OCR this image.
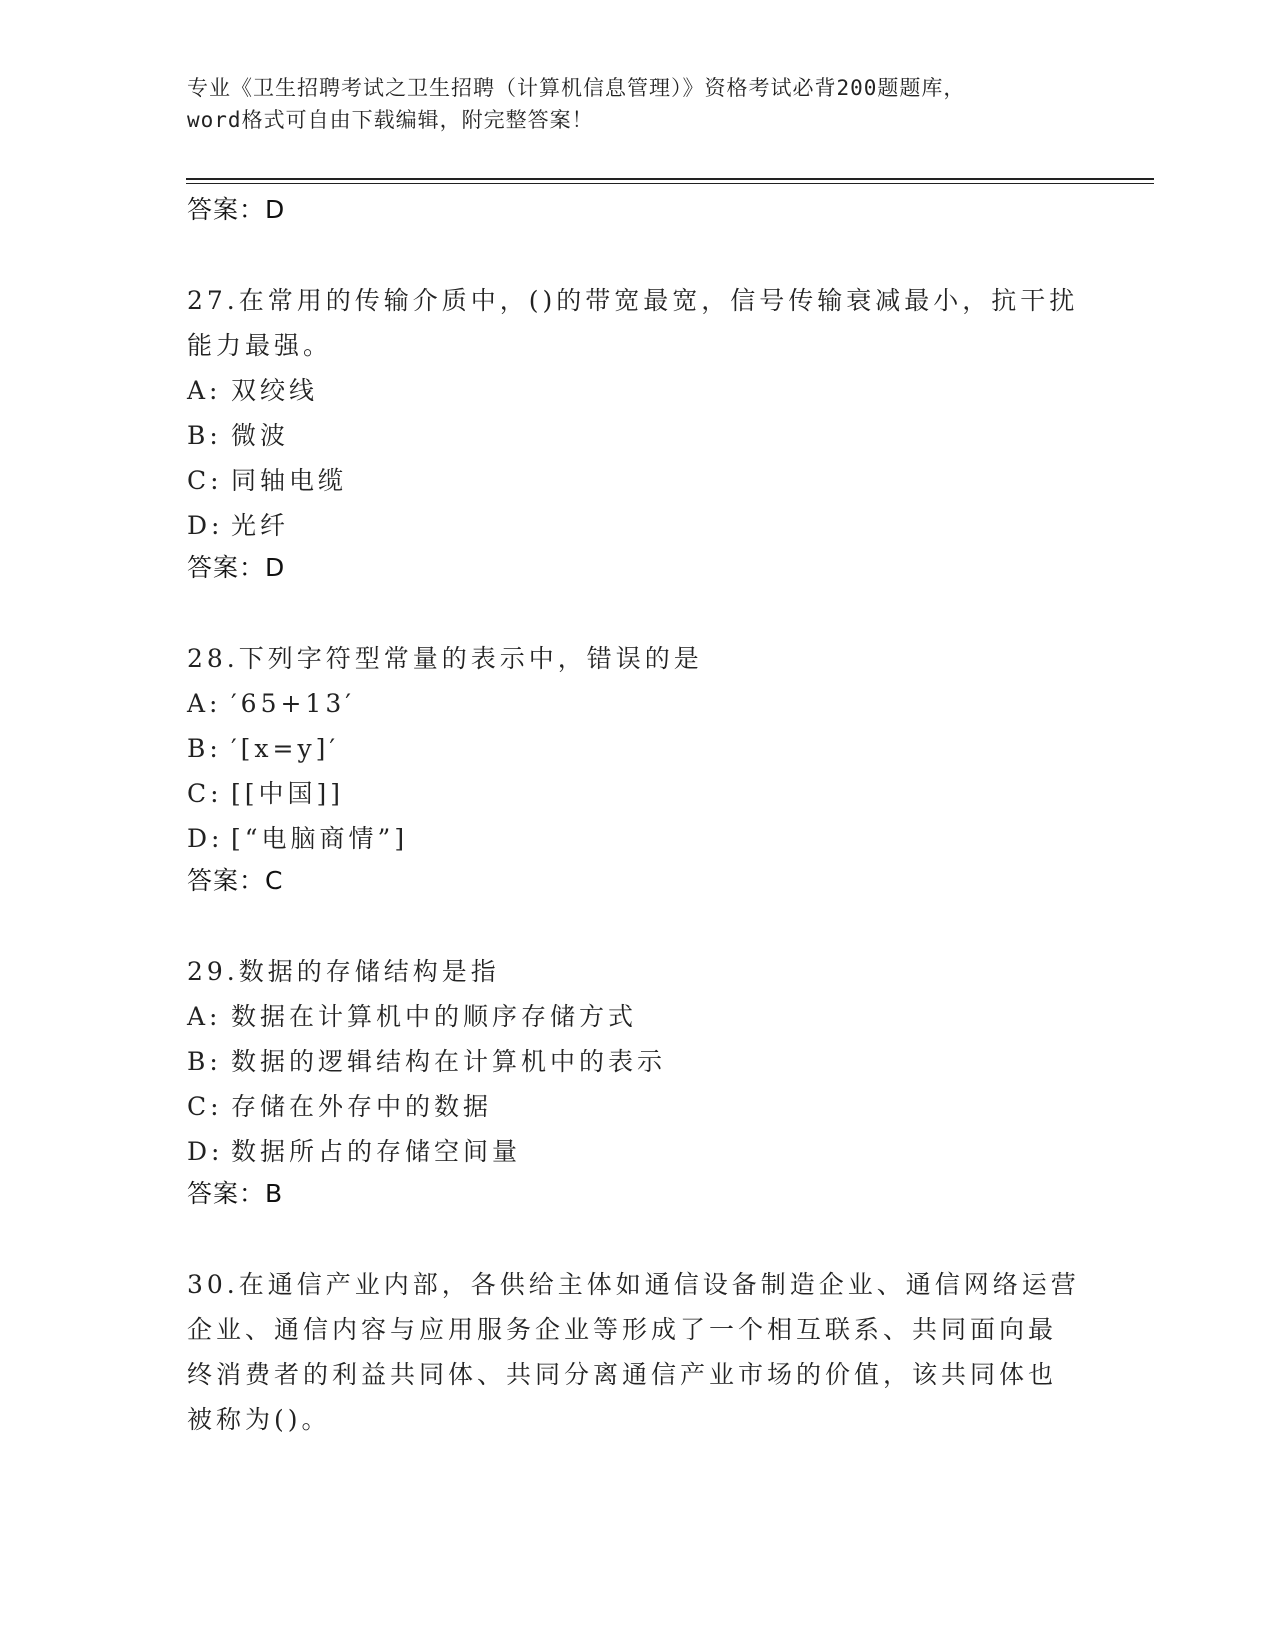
专业《卫生招聘考试之卫生招聘（计算机信息管理）》资格考试必背200题题库，
word格式可自由下载编辑，附完整答案！
答案：D
27.在常用的传输介质中，()的带宽最宽，信号传输衰减最小，抗干扰
能力最强。
A: 双绞线
B: 微波
C: 同轴电缆
D: 光纤
答案：D
28.下列字符型常量的表示中，错误的是
A: ′65+13′
B: ′[x=y]′
C: [[中国]]
D: [“电脑商情”]
答案：C
29.数据的存储结构是指
A: 数据在计算机中的顺序存储方式
B: 数据的逻辑结构在计算机中的表示
C: 存储在外存中的数据
D: 数据所占的存储空间量
答案：B
30.在通信产业内部，各供给主体如通信设备制造企业、通信网络运营
企业、通信内容与应用服务企业等形成了一个相互联系、共同面向最
终消费者的利益共同体、共同分离通信产业市场的价值，该共同体也
被称为()。
